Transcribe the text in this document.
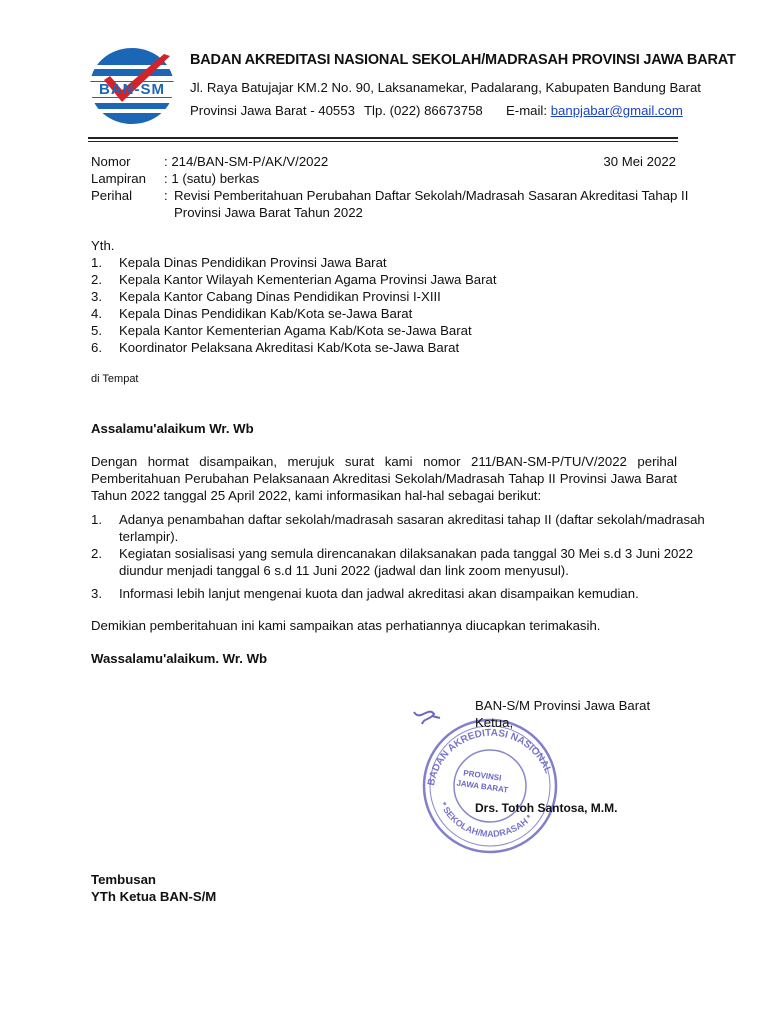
BAN-SM
BADAN AKREDITASI NASIONAL SEKOLAH/MADRASAH PROVINSI JAWA BARAT
Jl. Raya Batujajar KM.2 No. 90, Laksanamekar, Padalarang, Kabupaten Bandung Barat
Provinsi Jawa Barat - 40553 Tlp. (022) 86673758 E-mail: banpjabar@gmail.com
Nomor	: 214/BAN-SM-P/AK/V/2022	30 Mei 2022
Lampiran : 1 (satu) berkas
Perihal : Revisi Pemberitahuan Perubahan Daftar Sekolah/Madrasah Sasaran Akreditasi Tahap II
Provinsi Jawa Barat Tahun 2022
Yth.
1. Kepala Dinas Pendidikan Provinsi Jawa Barat
2. Kepala Kantor Wilayah Kementerian Agama Provinsi Jawa Barat
3. Kepala Kantor Cabang Dinas Pendidikan Provinsi I-XIII
4. Kepala Dinas Pendidikan Kab/Kota se-Jawa Barat
5. Kepala Kantor Kementerian Agama Kab/Kota se-Jawa Barat
6. Koordinator Pelaksana Akreditasi Kab/Kota se-Jawa Barat
di Tempat
Assalamu'alaikum Wr. Wb
Dengan hormat disampaikan, merujuk surat kami nomor 211/BAN-SM-P/TU/V/2022 perihal
Pemberitahuan Perubahan Pelaksanaan Akreditasi Sekolah/Madrasah Tahap II Provinsi Jawa Barat
Tahun 2022 tanggal 25 April 2022, kami informasikan hal-hal sebagai berikut:
1. Adanya penambahan daftar sekolah/madrasah sasaran akreditasi tahap II (daftar sekolah/madrasah
terlampir).
2. Kegiatan sosialisasi yang semula direncanakan dilaksanakan pada tanggal 30 Mei s.d 3 Juni 2022
diundur menjadi tanggal 6 s.d 11 Juni 2022 (jadwal dan link zoom menyusul).
3. Informasi lebih lanjut mengenai kuota dan jadwal akreditasi akan disampaikan kemudian.
Demikian pemberitahuan ini kami sampaikan atas perhatiannya diucapkan terimakasih.
Wassalamu'alaikum. Wr. Wb
BADAN AKREDITASI NASIONAL
* SEKOLAH/MADRASAH *
PROVINSI
JAWA BARAT
BAN-S/M Provinsi Jawa Barat
Ketua,
Drs. Totoh Santosa, M.M.
Tembusan
YTh Ketua BAN-S/M
